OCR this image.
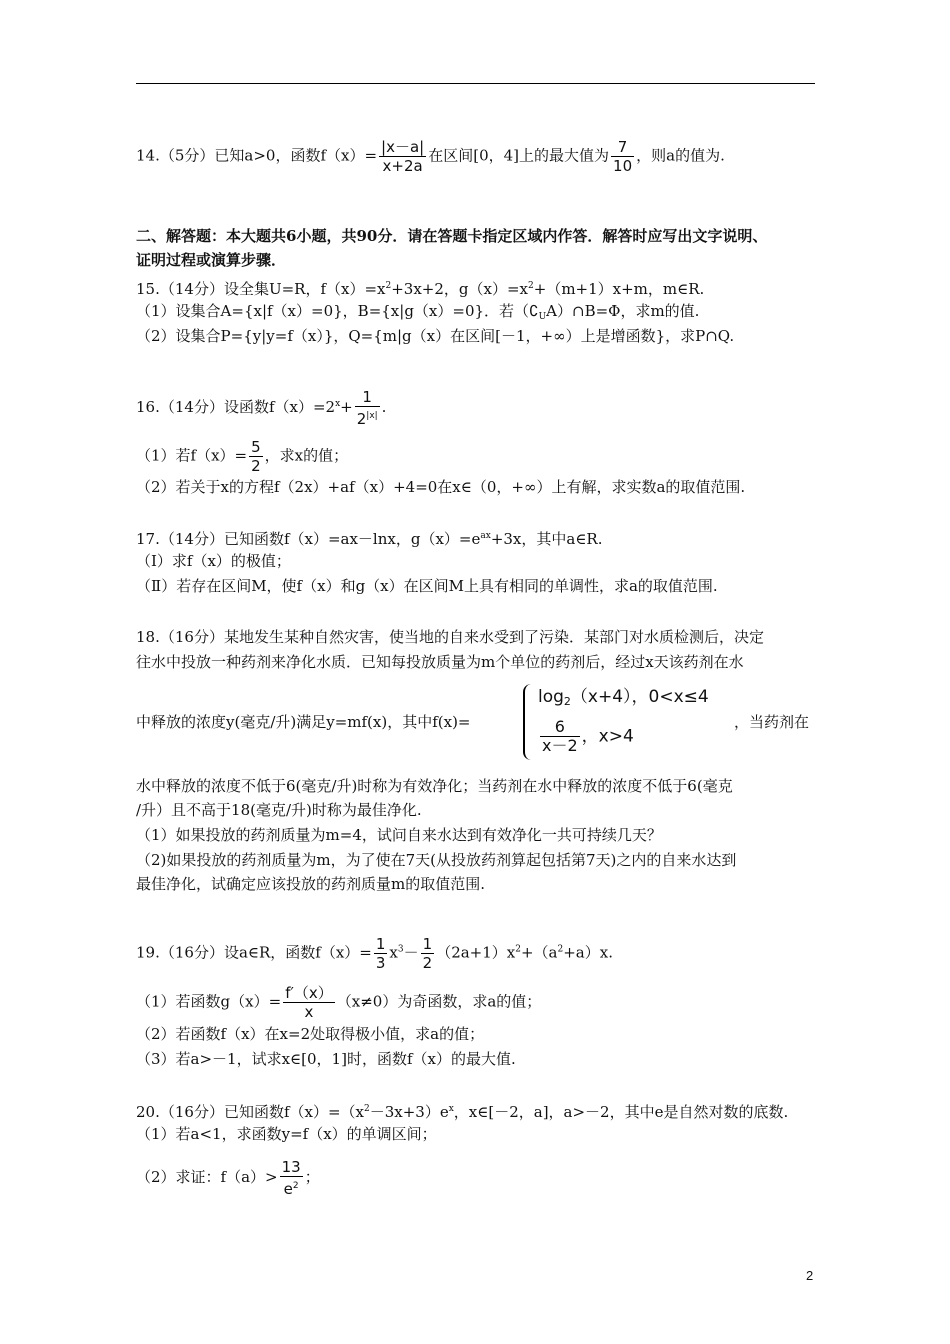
14.（5分）已知a>0，函数$f(x)= \frac{|x-a|}{x+2a}$ 在区间[0，4]上的最大值为 $\frac{7}{10}$ ，则a的值为.
二、解答题：本大题共6小题，共90分．请在答题卡指定区域内作答．解答时应写出文字说明、
证明过程或演算步骤．
15.（14分）设全集U=R，$f(x)=x^2+3x+2$，$g(x)=x^2+(m+1)x+m$，m∈R.
（1）设集合A={x|f（x）=0}，B={x|g（x）=0}．若$(∁_UA)\cap B=\Phi$，求m的值.
（2）设集合P={y|y=f（x）}，Q={m|g（x）在区间[－1，+∞）上是增函数}，求P∩Q.
16.（14分）设函数$f(x)=2^x+ \frac{1}{2^{|x|}}$ .
（1）若$f(x)= \frac{5}{2}$ ，求x的值；
（2）若关于x的方程f（2x）+af（x）+4=0在x∈（0，+∞）上有解，求实数a的取值范围.
17.（14分）已知函数f（x）=ax－lnx，$g(x)=e^{ax}+3x$，其中a∈R.
（Ⅰ）求f（x）的极值；
（Ⅱ）若存在区间M，使f（x）和g（x）在区间M上具有相同的单调性，求a的取值范围.
18.（16分）某地发生某种自然灾害，使当地的自来水受到了污染．某部门对水质检测后，决定
往水中投放一种药剂来净化水质．已知每投放质量为m个单位的药剂后，经过x天该药剂在水
中释放的浓度y(毫克/升)满足y=mf(x)，其中f(x)=
$\log_2(x+4)$，0<x≤4
$\frac{6}{x-2}$ ，x>4
，当药剂在
水中释放的浓度不低于6(毫克/升)时称为有效净化；当药剂在水中释放的浓度不低于6(毫克
/升）且不高于18(毫克/升)时称为最佳净化.
（1）如果投放的药剂质量为m=4，试问自来水达到有效净化一共可持续几天？
（2)如果投放的药剂质量为m，为了使在7天(从投放药剂算起包括第7天)之内的自来水达到
最佳净化，试确定应该投放的药剂质量m的取值范围.
19.（16分）设a∈R，函数$f(x)= \frac{1}{3} x^3- \frac{1}{2} (2a+1)x^2+(a^2+a)x$.
（1）若函数$g(x)= \frac{f'(x)}{x} (x\ne 0)$为奇函数，求a的值；
（2）若函数f（x）在x=2处取得极小值，求a的值；
（3）若a>－1，试求x∈[0，1]时，函数f（x）的最大值.
20.（16分）已知函数$f(x)=(x^2-3x+3)e^x$，x∈[－2，a]，a>－2，其中e是自然对数的底数.
（1）若a<1，求函数y=f（x）的单调区间；
（2）求证：$f(a)> \frac{13}{e^2}$ ；
2
